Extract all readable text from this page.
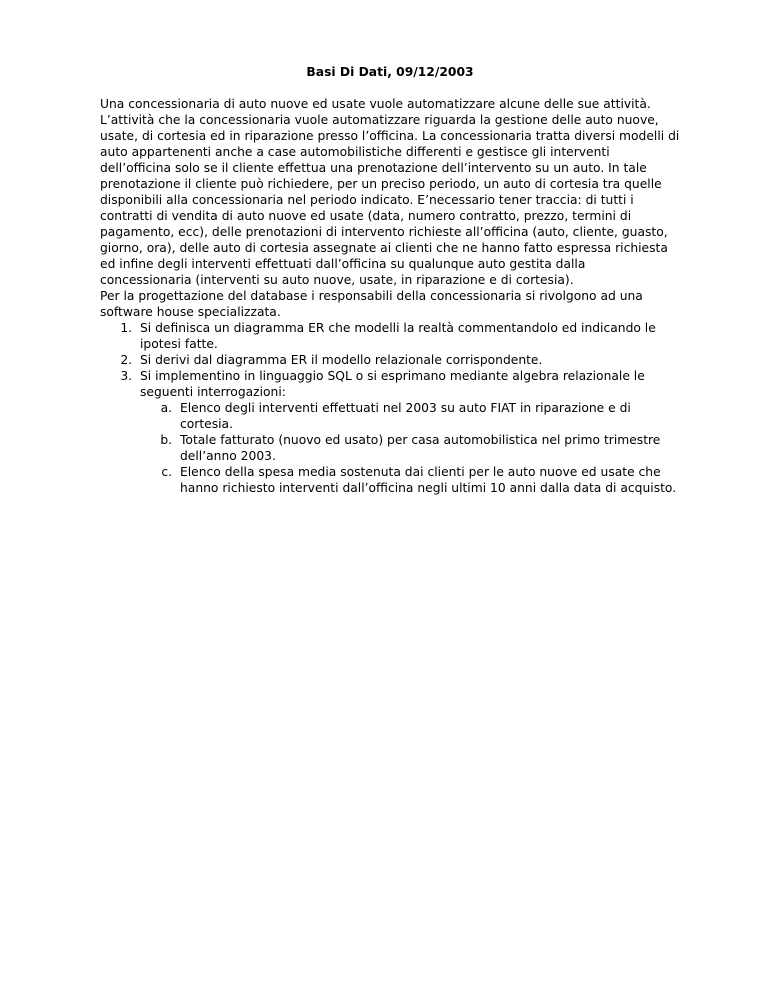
Basi Di Dati, 09/12/2003

Una concessionaria di auto nuove ed usate vuole automatizzare alcune delle sue attività. L’attività che la concessionaria vuole automatizzare riguarda la gestione delle auto nuove, usate, di cortesia ed in riparazione presso l’officina. La concessionaria tratta diversi modelli di auto appartenenti anche a case automobilistiche differenti e gestisce gli interventi dell’officina solo se il cliente effettua una prenotazione dell’intervento su un auto. In tale prenotazione il cliente può richiedere, per un preciso periodo, un auto di cortesia tra quelle disponibili alla concessionaria nel periodo indicato. E’necessario tener traccia: di tutti i contratti di vendita di auto nuove ed usate (data, numero contratto, prezzo, termini di pagamento, ecc), delle prenotazioni di intervento richieste all’officina (auto, cliente, guasto, giorno, ora), delle auto di cortesia assegnate ai clienti che ne hanno fatto espressa richiesta ed infine degli interventi effettuati dall’officina su qualunque auto gestita dalla concessionaria (interventi su auto nuove, usate, in riparazione e di cortesia).

Per la progettazione del database i responsabili della concessionaria si rivolgono ad una software house specializzata.

1. Si definisca un diagramma ER che modelli la realtà commentandolo ed indicando le ipotesi fatte.
2. Si derivi dal diagramma ER il modello relazionale corrispondente.
3. Si implementino in linguaggio SQL o si esprimano mediante algebra relazionale le seguenti interrogazioni:
a. Elenco degli interventi effettuati nel 2003 su auto FIAT in riparazione e di cortesia.
b. Totale fatturato (nuovo ed usato) per casa automobilistica nel primo trimestre dell’anno 2003.
c. Elenco della spesa media sostenuta dai clienti per le auto nuove ed usate che hanno richiesto interventi dall’officina negli ultimi 10 anni dalla data di acquisto.
